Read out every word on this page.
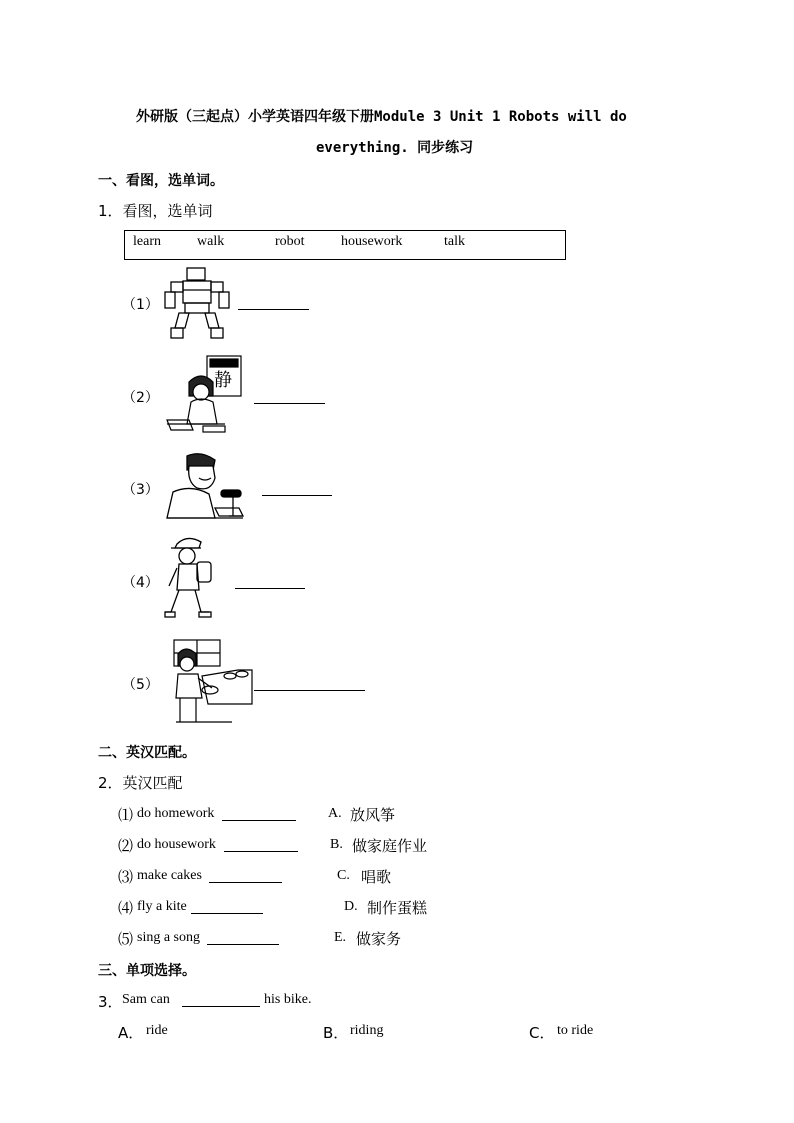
外研版（三起点）小学英语四年级下册Module 3 Unit 1 Robots will do
everything. 同步练习
一、看图，选单词。
1．看图，选单词
learn	walk	robot	housework	talk
（1）
（2）
静
（3）
（4）
（5）
二、英汉匹配。
2．英汉匹配
⑴ do homework	A. 放风筝
⑵ do housework	B. 做家庭作业
⑶ make cakes	C. 唱歌
⑷ fly a kite	D. 制作蛋糕
⑸ sing a song	E. 做家务
三、单项选择。
3． Sam can	his bike.
A． ride	B． riding	C． to ride
